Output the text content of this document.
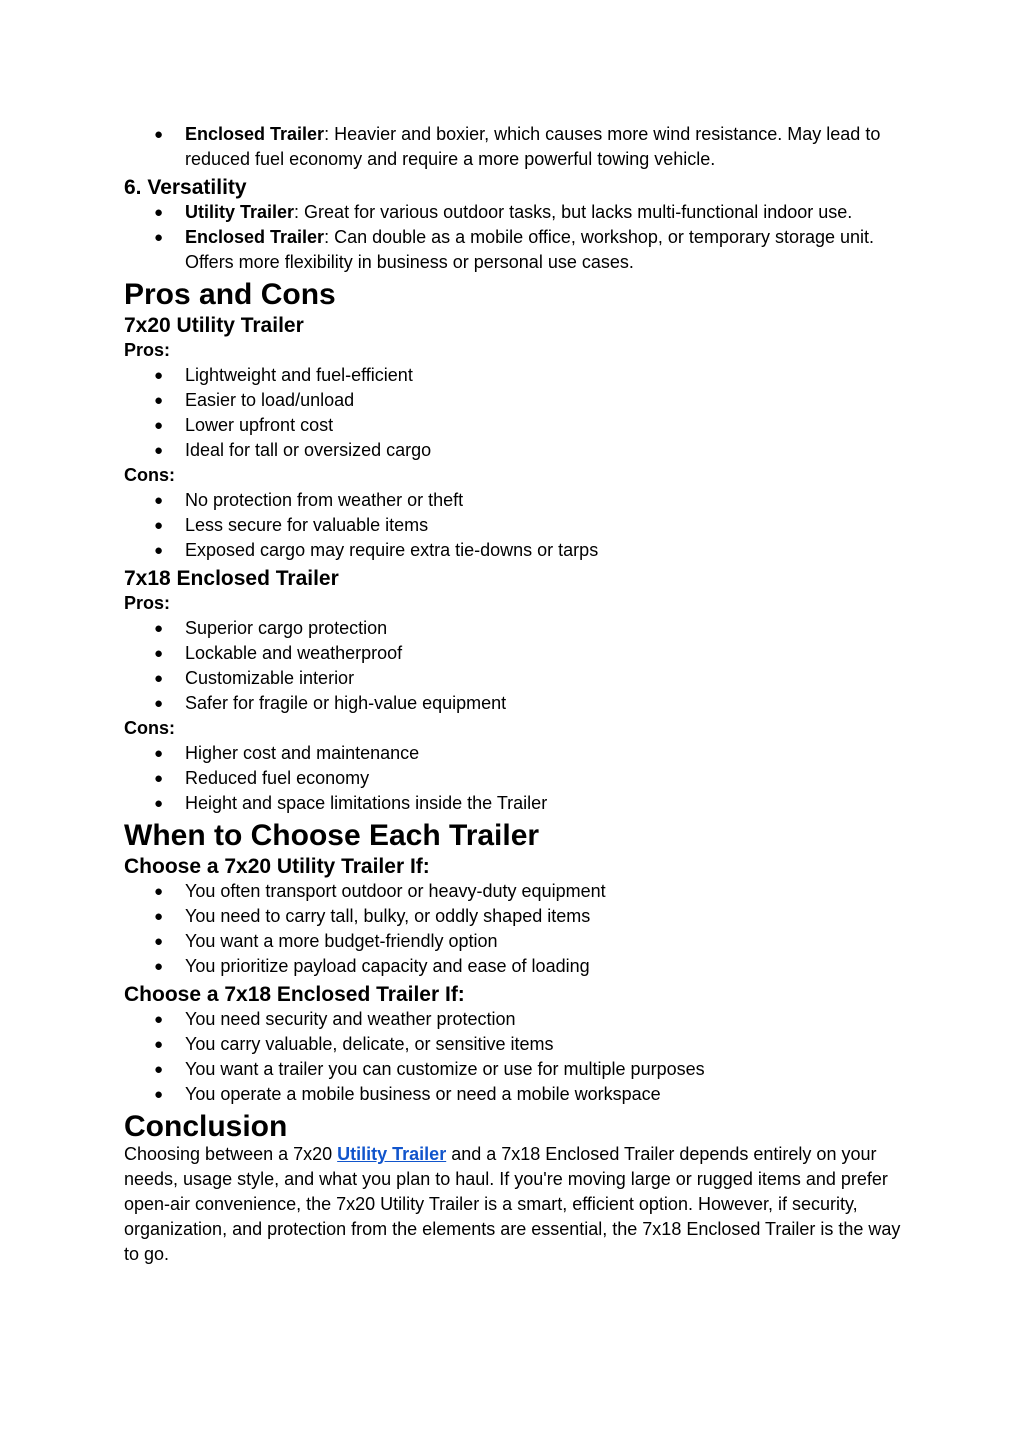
● Enclosed Trailer: Heavier and boxier, which causes more wind resistance. May lead to reduced fuel economy and require a more powerful towing vehicle.
6. Versatility
● Utility Trailer: Great for various outdoor tasks, but lacks multi-functional indoor use.
● Enclosed Trailer: Can double as a mobile office, workshop, or temporary storage unit. Offers more flexibility in business or personal use cases.
Pros and Cons
7x20 Utility Trailer

Pros:

● Lightweight and fuel-efficient
● Easier to load/unload
● Lower upfront cost
● Ideal for tall or oversized cargo

Cons:

● No protection from weather or theft
● Less secure for valuable items
● Exposed cargo may require extra tie-downs or tarps
7x18 Enclosed Trailer

Pros:

● Superior cargo protection
● Lockable and weatherproof
● Customizable interior
● Safer for fragile or high-value equipment

Cons:

● Higher cost and maintenance
● Reduced fuel economy
● Height and space limitations inside the Trailer
When to Choose Each Trailer
Choose a 7x20 Utility Trailer If:
● You often transport outdoor or heavy-duty equipment
● You need to carry tall, bulky, or oddly shaped items
● You want a more budget-friendly option
● You prioritize payload capacity and ease of loading
Choose a 7x18 Enclosed Trailer If:
● You need security and weather protection
● You carry valuable, delicate, or sensitive items
● You want a trailer you can customize or use for multiple purposes
● You operate a mobile business or need a mobile workspace
Conclusion

Choosing between a 7x20 Utility Trailer and a 7x18 Enclosed Trailer depends entirely on your needs, usage style, and what you plan to haul. If you're moving large or rugged items and prefer open-air convenience, the 7x20 Utility Trailer is a smart, efficient option. However, if security, organization, and protection from the elements are essential, the 7x18 Enclosed Trailer is the way to go.
